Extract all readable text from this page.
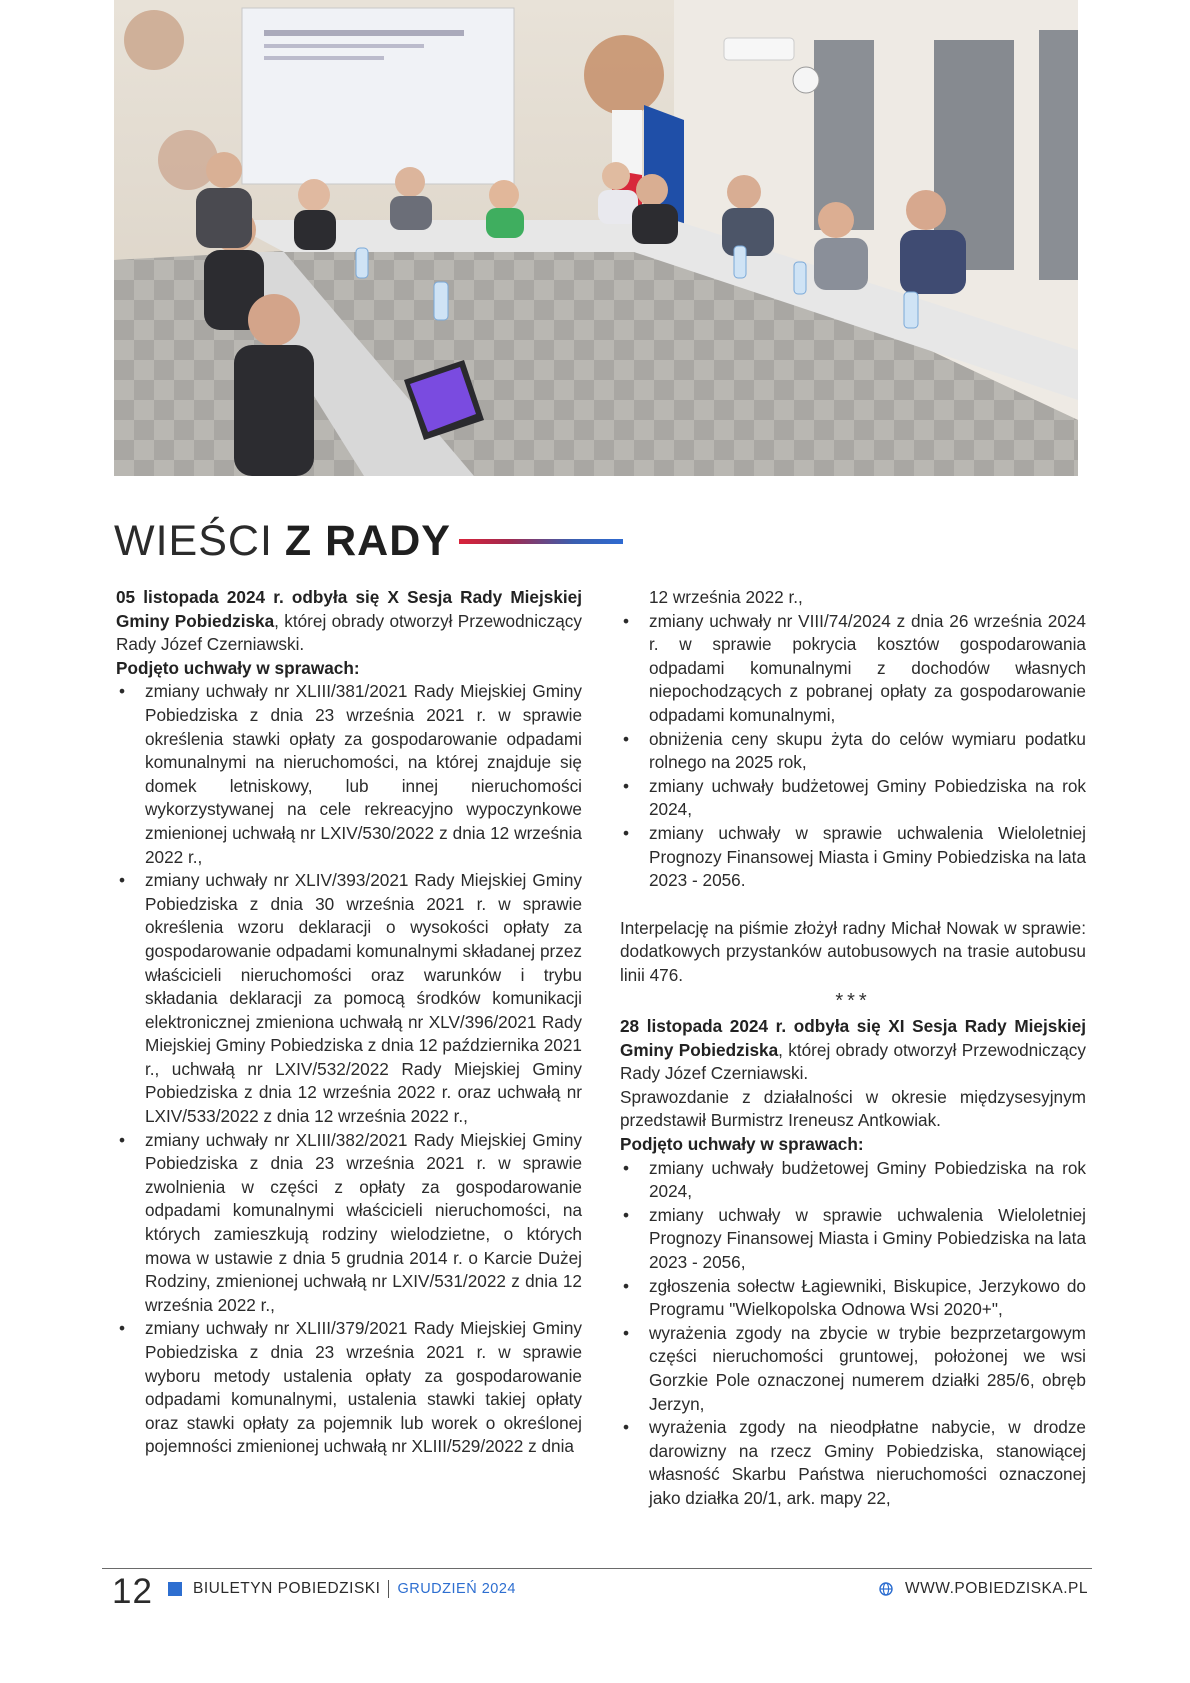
WIEŚCI Z RADY

05 listopada 2024 r. odbyła się X Sesja Rady Miejskiej Gminy Pobiedziska, której obrady otworzył Przewodniczący Rady Józef Czerniawski.

Podjęto uchwały w sprawach:

• zmiany uchwały nr XLIII/381/2021 Rady Miejskiej Gminy Pobiedziska z dnia 23 września 2021 r. w sprawie określenia stawki opłaty za gospodarowanie odpadami komunalnymi na nieruchomości, na której znajduje się domek letniskowy, lub innej nieruchomości wykorzystywanej na cele rekreacyjno wypoczynkowe zmienionej uchwałą nr LXIV/530/2022 z dnia 12 września 2022 r.,
• zmiany uchwały nr XLIV/393/2021 Rady Miejskiej Gminy Pobiedziska z dnia 30 września 2021 r. w sprawie określenia wzoru deklaracji o wysokości opłaty za gospodarowanie odpadami komunalnymi składanej przez właścicieli nieruchomości oraz warunków i trybu składania deklaracji za pomocą środków komunikacji elektronicznej zmieniona uchwałą nr XLV/396/2021 Rady Miejskiej Gminy Pobiedziska z dnia 12 października 2021 r., uchwałą nr LXIV/532/2022 Rady Miejskiej Gminy Pobiedziska z dnia 12 września 2022 r. oraz uchwałą nr LXIV/533/2022 z dnia 12 września 2022 r.,
• zmiany uchwały nr XLIII/382/2021 Rady Miejskiej Gminy Pobiedziska z dnia 23 września 2021 r. w sprawie zwolnienia w części z opłaty za gospodarowanie odpadami komunalnymi właścicieli nieruchomości, na których zamieszkują rodziny wielodzietne, o których mowa w ustawie z dnia 5 grudnia 2014 r. o Karcie Dużej Rodziny, zmienionej uchwałą nr LXIV/531/2022 z dnia 12 września 2022 r.,
• zmiany uchwały nr XLIII/379/2021 Rady Miejskiej Gminy Pobiedziska z dnia 23 września 2021 r. w sprawie wyboru metody ustalenia opłaty za gospodarowanie odpadami komunalnymi, ustalenia stawki takiej opłaty oraz stawki opłaty za pojemnik lub worek o określonej pojemności zmienionej uchwałą nr XLIII/529/2022 z dnia
12 września 2022 r.,
• zmiany uchwały nr VIII/74/2024 z dnia 26 września 2024 r. w sprawie pokrycia kosztów gospodarowania odpadami komunalnymi z dochodów własnych niepochodzących z pobranej opłaty za gospodarowanie odpadami komunalnymi,
• obniżenia ceny skupu żyta do celów wymiaru podatku rolnego na 2025 rok,
• zmiany uchwały budżetowej Gminy Pobiedziska na rok 2024,
• zmiany uchwały w sprawie uchwalenia Wieloletniej Prognozy Finansowej Miasta i Gminy Pobiedziska na lata 2023 - 2056.

Interpelację na piśmie złożył radny Michał Nowak w sprawie: dodatkowych przystanków autobusowych na trasie autobusu linii 476.

***

28 listopada 2024 r. odbyła się XI Sesja Rady Miejskiej Gminy Pobiedziska, której obrady otworzył Przewodniczący Rady Józef Czerniawski.

Sprawozdanie z działalności w okresie międzysesyjnym przedstawił Burmistrz Ireneusz Antkowiak.

Podjęto uchwały w sprawach:

• zmiany uchwały budżetowej Gminy Pobiedziska na rok 2024,
• zmiany uchwały w sprawie uchwalenia Wieloletniej Prognozy Finansowej Miasta i Gminy Pobiedziska na lata 2023 - 2056,
• zgłoszenia sołectw Łagiewniki, Biskupice, Jerzykowo do Programu "Wielkopolska Odnowa Wsi 2020+",
• wyrażenia zgody na zbycie w trybie bezprzetargowym części nieruchomości gruntowej, położonej we wsi Gorzkie Pole oznaczonej numerem działki 285/6, obręb Jerzyn,
• wyrażenia zgody na nieodpłatne nabycie, w drodze darowizny na rzecz Gminy Pobiedziska, stanowiącej własność Skarbu Państwa nieruchomości oznaczonej jako działka 20/1, ark. mapy 22,
12	BIULETYN POBIEDZISKI GRUDZIEŃ 2024	WWW.POBIEDZISKA.PL
